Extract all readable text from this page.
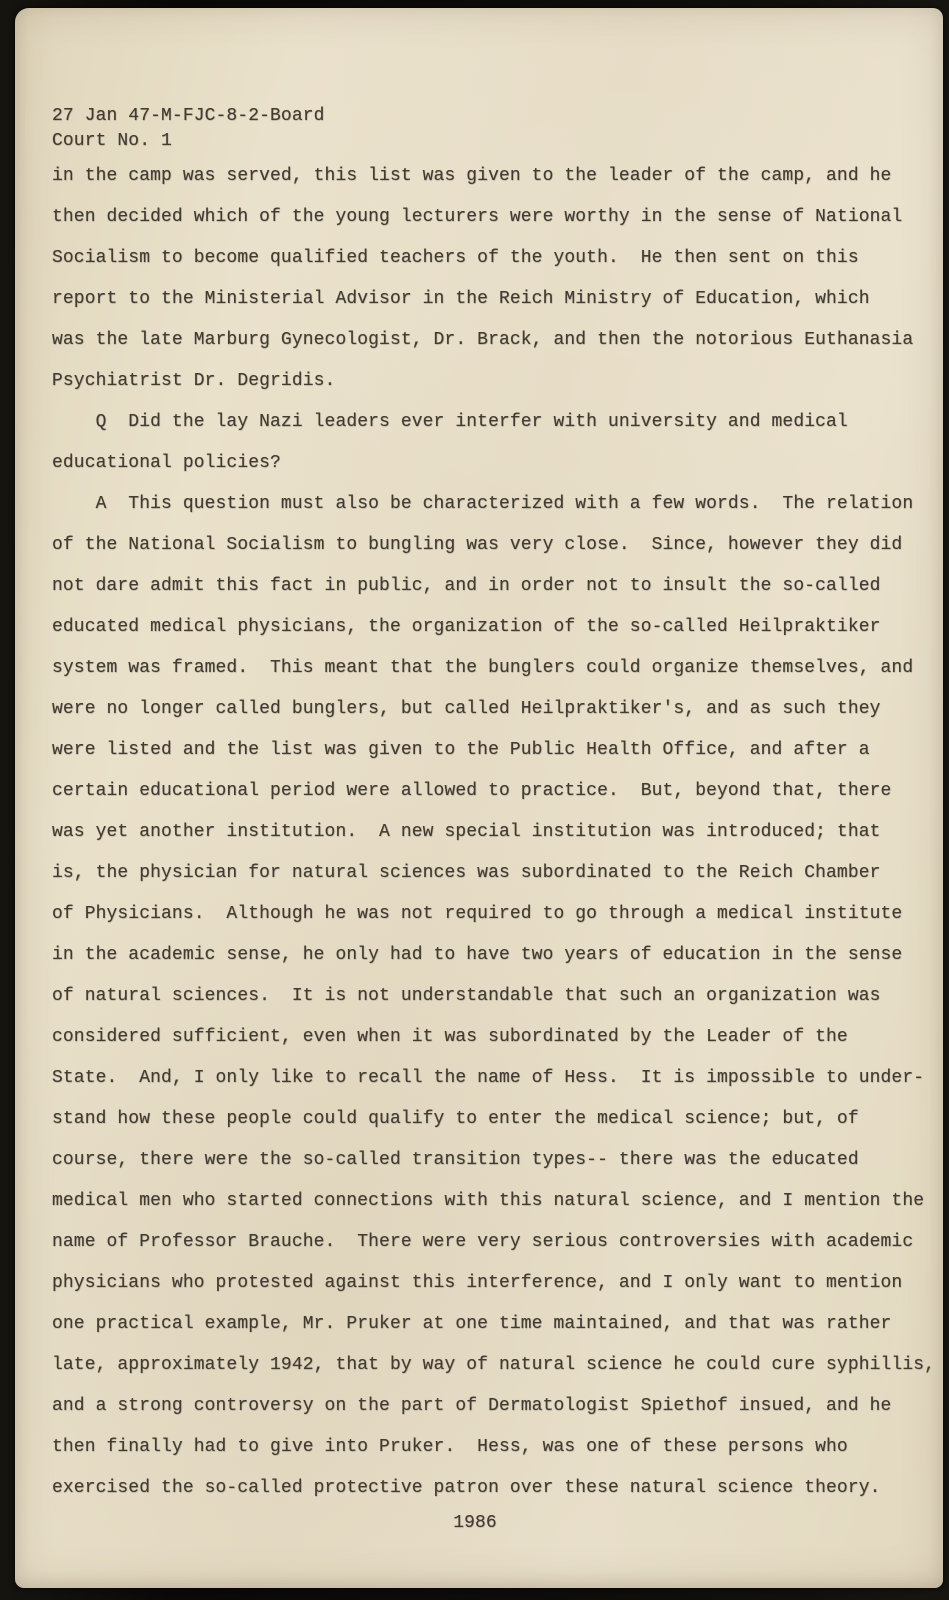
27 Jan 47-M-FJC-8-2-Board
Court No. 1
in the camp was served, this list was given to the leader of the camp, and he
then decided which of the young lecturers were worthy in the sense of National
Socialism to become qualified teachers of the youth.  He then sent on this
report to the Ministerial Advisor in the Reich Ministry of Education, which
was the late Marburg Gynecologist, Dr. Brack, and then the notorious Euthanasia
Psychiatrist Dr. Degridis.
Q  Did the lay Nazi leaders ever interfer with university and medical
educational policies?
A  This question must also be characterized with a few words.  The relation
of the National Socialism to bungling was very close.  Since, however they did
not dare admit this fact in public, and in order not to insult the so-called
educated medical physicians, the organization of the so-called Heilpraktiker
system was framed.  This meant that the bunglers could organize themselves, and
were no longer called bunglers, but called Heilpraktiker's, and as such they
were listed and the list was given to the Public Health Office, and after a
certain educational period were allowed to practice.  But, beyond that, there
was yet another institution.  A new special institution was introduced; that
is, the physician for natural sciences was subordinated to the Reich Chamber
of Physicians.  Although he was not required to go through a medical institute
in the academic sense, he only had to have two years of education in the sense
of natural sciences.  It is not understandable that such an organization was
considered sufficient, even when it was subordinated by the Leader of the
State.  And, I only like to recall the name of Hess.  It is impossible to under-
stand how these people could qualify to enter the medical science; but, of
course, there were the so-called transition types-- there was the educated
medical men who started connections with this natural science, and I mention the
name of Professor Brauche.  There were very serious controversies with academic
physicians who protested against this interference, and I only want to mention
one practical example, Mr. Pruker at one time maintained, and that was rather
late, approximately 1942, that by way of natural science he could cure syphillis,
and a strong controversy on the part of Dermatologist Spiethof insued, and he
then finally had to give into Pruker.  Hess, was one of these persons who
exercised the so-called protective patron over these natural science theory.
1986
